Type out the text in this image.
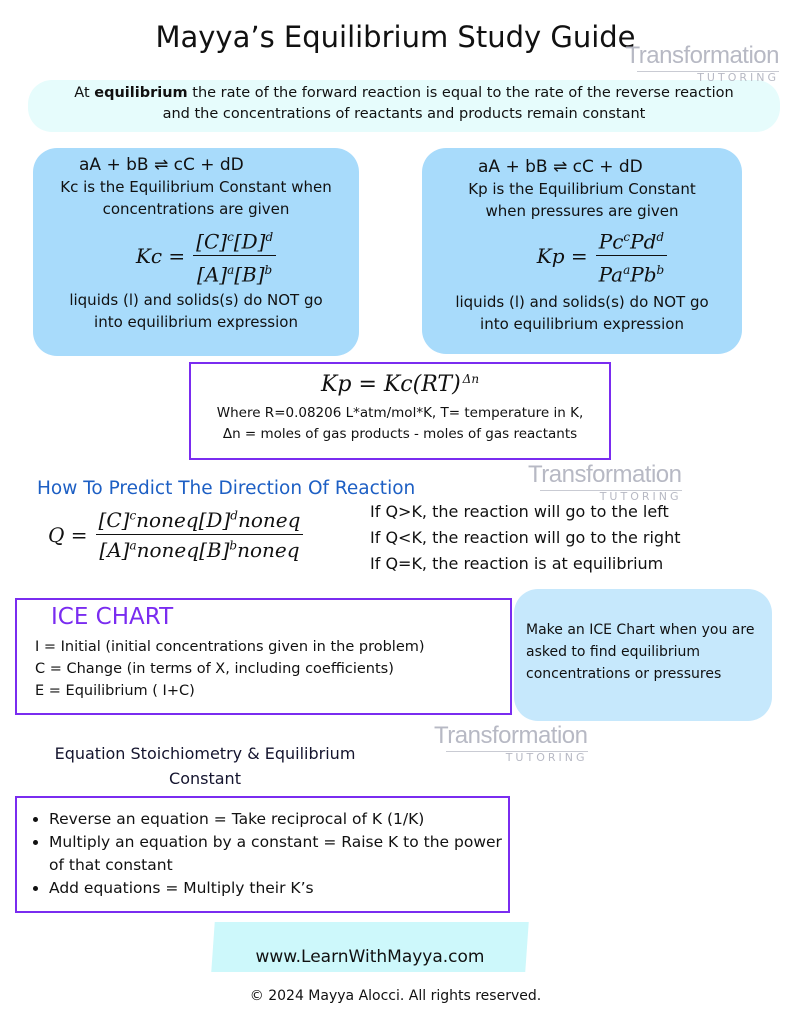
Mayya’s Equilibrium Study Guide
Transformation
TUTORING
At equilibrium the rate of the forward reaction is equal to the rate of the reverse reaction
and the concentrations of reactants and products remain constant
aA + bB ⇌ cC + dD
Kc is the Equilibrium Constant when concentrations are given
$Kc = \frac{[C]^c[D]^d}{[A]^a[B]^b}$
liquids (l) and solids(s) do NOT go into equilibrium expression
aA + bB ⇌ cC + dD
Kp is the Equilibrium Constant when pressures are given
$Kp = \frac{Pc^cPd^d}{Pa^aPb^b}$
liquids (l) and solids(s) do NOT go into equilibrium expression
Kp = Kc(RT)$^{\Delta n}$
Where R=0.08206 L*atm/mol*K, T= temperature in K,
Δn = moles of gas products - moles of gas reactants
Transformation
TUTORING
How To Predict The Direction Of Reaction
$Q = \frac{[C]^cnoneq[D]^dnoneq}{[A]^anoneq[B]^bnoneq}$	If Q>K, the reaction will go to the left
If Q<K, the reaction will go to the right
If Q=K, the reaction is at equilibrium
ICE CHART
I = Initial (initial concentrations given in the problem)
C = Change (in terms of X, including coefficients)
E = Equilibrium ( I+C)
Make an ICE Chart when you are asked to find equilibrium concentrations or pressures
Transformation
TUTORING
Equation Stoichiometry & Equilibrium Constant
• Reverse an equation = Take reciprocal of K (1/K)
• Multiply an equation by a constant = Raise K to the power of that constant
• Add equations = Multiply their K’s
www.LearnWithMayya.com
© 2024 Mayya Alocci. All rights reserved.
